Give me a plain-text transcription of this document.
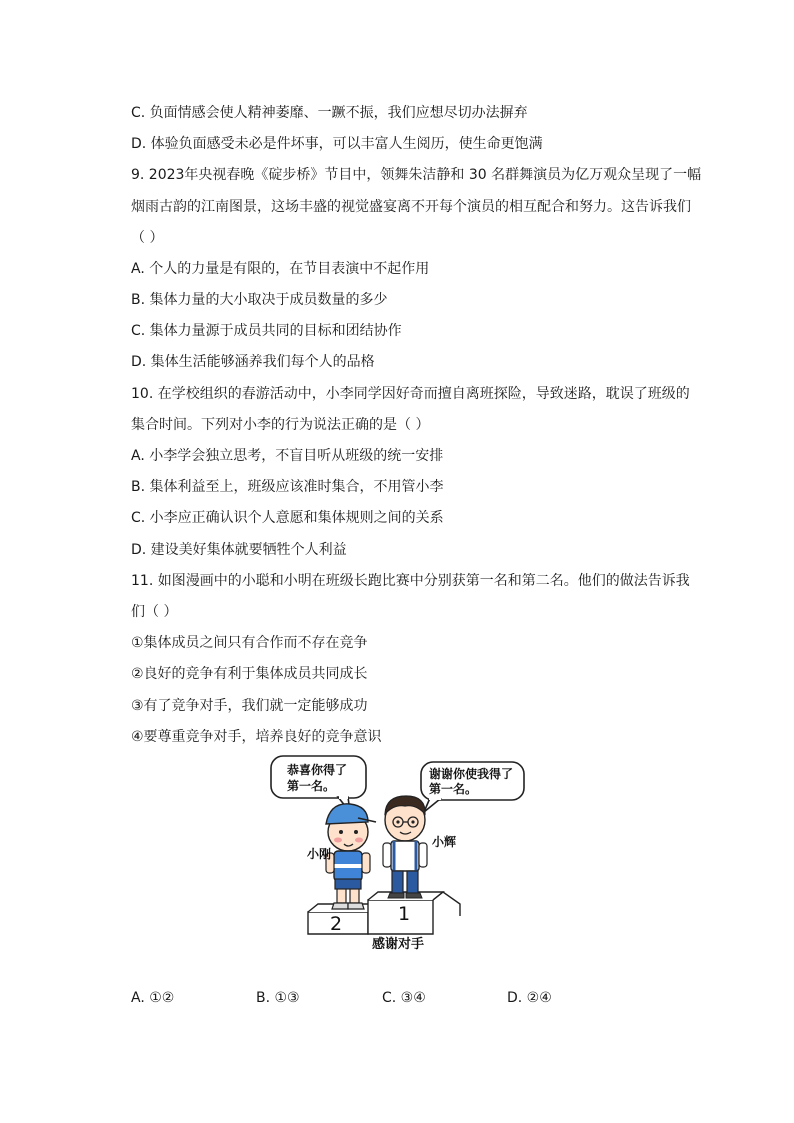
C. 负面情感会使人精神萎靡、一蹶不振，我们应想尽切办法摒弃
D. 体验负面感受未必是件坏事，可以丰富人生阅历，使生命更饱满
9. 2023年央视春晚《碇步桥》节目中，领舞朱洁静和 30 名群舞演员为亿万观众呈现了一幅
烟雨古韵的江南图景，这场丰盛的视觉盛宴离不开每个演员的相互配合和努力。这告诉我们
（ ）
A. 个人的力量是有限的，在节目表演中不起作用
B. 集体力量的大小取决于成员数量的多少
C. 集体力量源于成员共同的目标和团结协作
D. 集体生活能够涵养我们每个人的品格
10. 在学校组织的春游活动中，小李同学因好奇而擅自离班探险，导致迷路，耽误了班级的
集合时间。下列对小李的行为说法正确的是（ ）
A. 小李学会独立思考，不盲目听从班级的统一安排
B. 集体利益至上，班级应该准时集合，不用管小李
C. 小李应正确认识个人意愿和集体规则之间的关系
D. 建设美好集体就要牺牲个人利益
11. 如图漫画中的小聪和小明在班级长跑比赛中分别获第一名和第二名。他们的做法告诉我
们（ ）
①集体成员之间只有合作而不存在竞争
②良好的竞争有利于集体成员共同成长
③有了竞争对手，我们就一定能够成功
④要尊重竞争对手，培养良好的竞争意识
恭喜你得了
第一名。
谢谢你使我得了
第一名。
2	1
小刚
小辉
感谢对手
A. ①②	B. ①③	C. ③④	D. ②④
